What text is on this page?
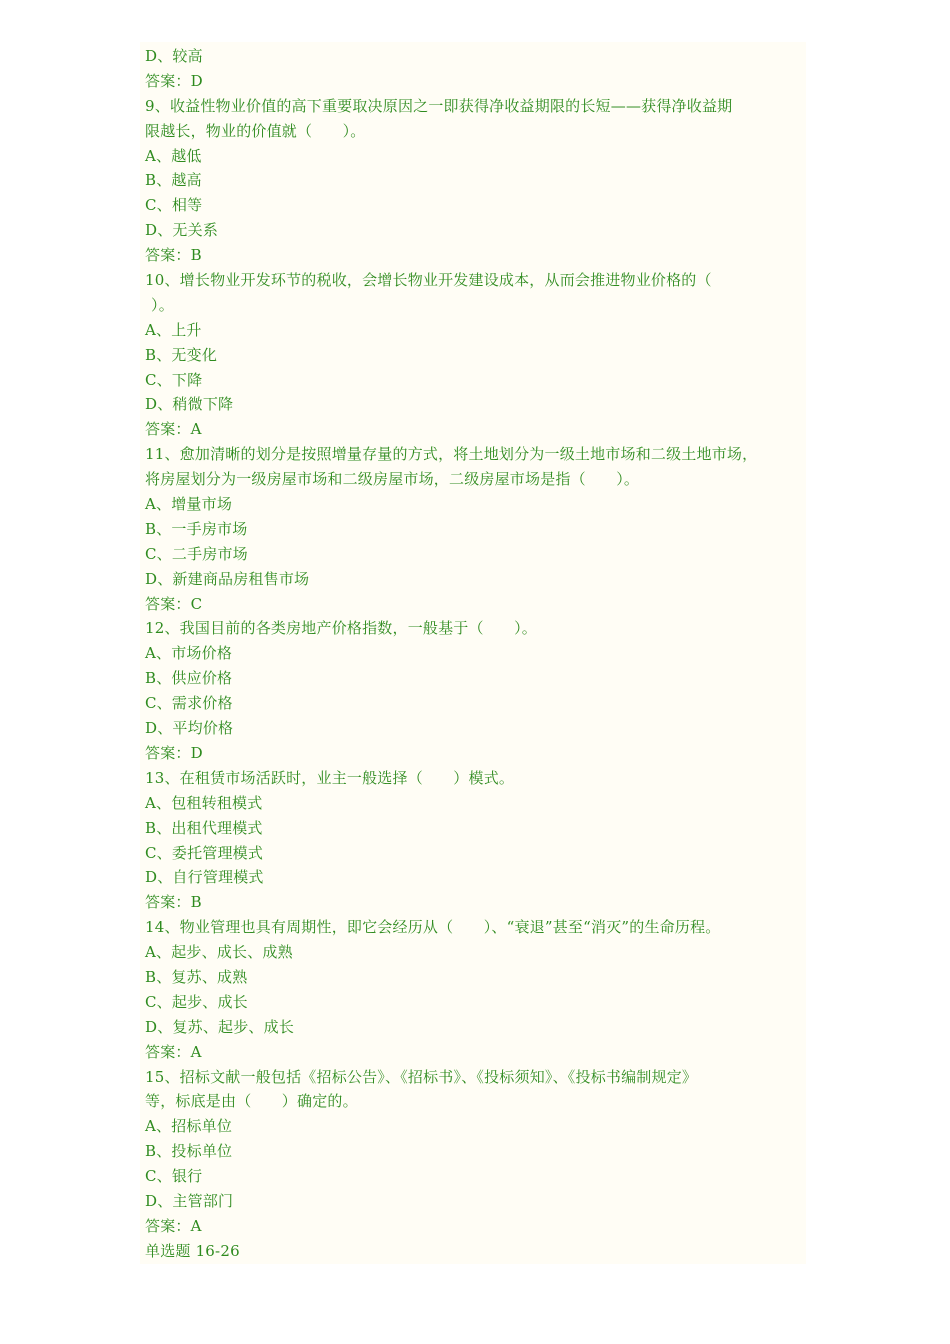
D、较高
答案：D
9、收益性物业价值的高下重要取决原因之一即获得净收益期限的长短——获得净收益期
限越长，物业的价值就（　　）。
A、越低
B、越高
C、相等
D、无关系
答案：B
10、增长物业开发环节的税收，会增长物业开发建设成本，从而会推进物业价格的（
）。
A、上升
B、无变化
C、下降
D、稍微下降
答案：A
11、愈加清晰的划分是按照增量存量的方式，将土地划分为一级土地市场和二级土地市场，
将房屋划分为一级房屋市场和二级房屋市场，二级房屋市场是指（　　）。
A、增量市场
B、一手房市场
C、二手房市场
D、新建商品房租售市场
答案：C
12、我国目前的各类房地产价格指数，一般基于（　　）。
A、市场价格
B、供应价格
C、需求价格
D、平均价格
答案：D
13、在租赁市场活跃时，业主一般选择（　　）模式。
A、包租转租模式
B、出租代理模式
C、委托管理模式
D、自行管理模式
答案：B
14、物业管理也具有周期性，即它会经历从（　　）、“衰退”甚至“消灭”的生命历程。
A、起步、成长、成熟
B、复苏、成熟
C、起步、成长
D、复苏、起步、成长
答案：A
15、招标文献一般包括《招标公告》、《招标书》、《投标须知》、《投标书编制规定》
等，标底是由（　　）确定的。
A、招标单位
B、投标单位
C、银行
D、主管部门
答案：A
单选题 16-26
